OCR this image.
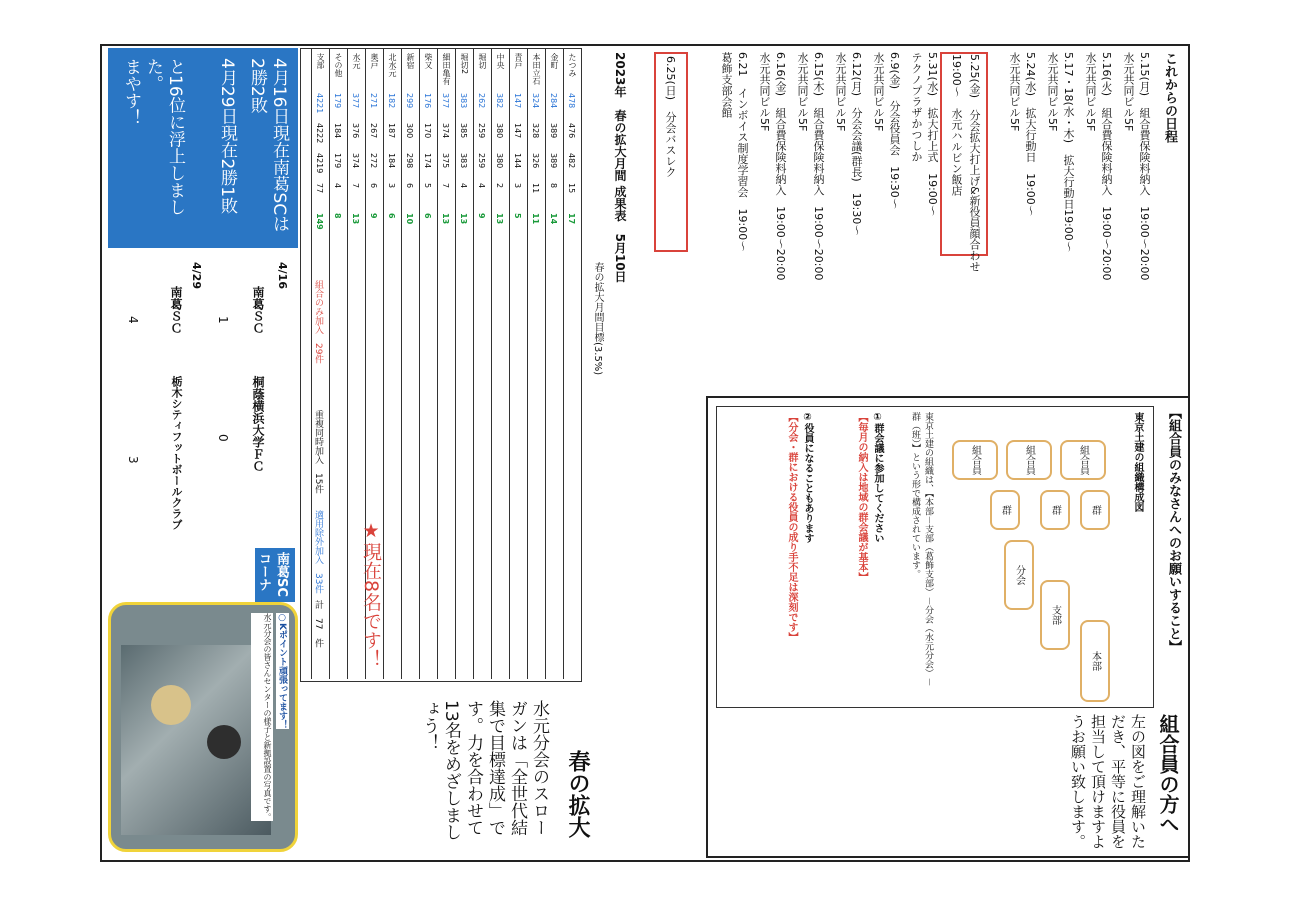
これからの日程
5.15(月)　組合費保険料納入　19:00～20:00
水元共同ビル5F
5.16(火)　組合費保険料納入　19:00～20:00
水元共同ビル5F
5.17・18(水・木)　拡大行動日19:00～
水元共同ビル5F
5.24(水)　拡大行動日　19:00～
水元共同ビル5F
5.25(金)　分会拡大打上げ&新役員顔合わせ
19:00～　水元ハルビン飯店
5.31(水)　拡大打上式　19:00～
テクノプラザかつしか
6.9(金)　分会役員会　19:30～
水元共同ビル5F
6.12(月)　分会会議(群長)　19:30～
水元共同ビル5F
6.15(木)　組合費保険料納入　19:00～20:00
水元共同ビル5F
6.16(金)　組合費保険料納入　19:00～20:00
水元共同ビル5F
6.21　インボイス制度学習会　19:00～
葛飾支部会館
6.25(日)　分会バスレク
2023年　春の拡大月間 成果表　5月10日
春の拡大月間目標(3.5%)
たつみ
478
476
482
15
17
金町
284
389
389
8
14
本田立石
324
328
326
11
11
青戸
147
147
144
3
5
中央
382
380
380
2
13
堀切
262
259
259
4
9
堀切2
383
385
383
4
13
細田亀有
377
374
375
7
13
柴又
176
170
174
5
6
新宿
299
300
298
6
10
北水元
182
187
184
3
6
奥戸
271
267
272
6
9
水元
377
376
374
7
13
その他
179
184
179
4
8
支部
4221
4222
4219
77
149
組合のみ加入　29件
重複同時加入　15件
適用除外加入　33件
計　77　件 ★現在8名です！
4月16日現在南葛SCは2勝2敗
4月29日現在2勝1敗
と16位に浮上しました。
まやす！
4/16
南葛ＳＣ
1
桐蔭横浜大学ＦＣ
0
4/29
南葛ＳＣ
4
栃木シティフットボールクラブ
3
南葛SC
コーナー
○Kポイント頑張ってます！
水元分会の皆さんセンターの様子と新拠設置の写真です。	春の拡大
水元分会のスローガンは「全世代結集で目標達成」です。力を合わせて13名をめざしましょう！
【組合員のみなさんへのお願いすること】
東京土建の組織構成図
東京土建の組織は、【本部－支部（葛飾支部）－分会（水元分会）－群（班）】という形で構成されています。
①群会議に参加してください
【毎月の納入は地域の群会議が基本】
②役員になることもあります
【分会・群における役員の成り手不足は深刻です】
組合員の方へ
左の図をご理解いただき、平等に役員を担当して頂けますようお願い致します。
本部
支部
分会
群
群
群
組合員
組合員
組合員
